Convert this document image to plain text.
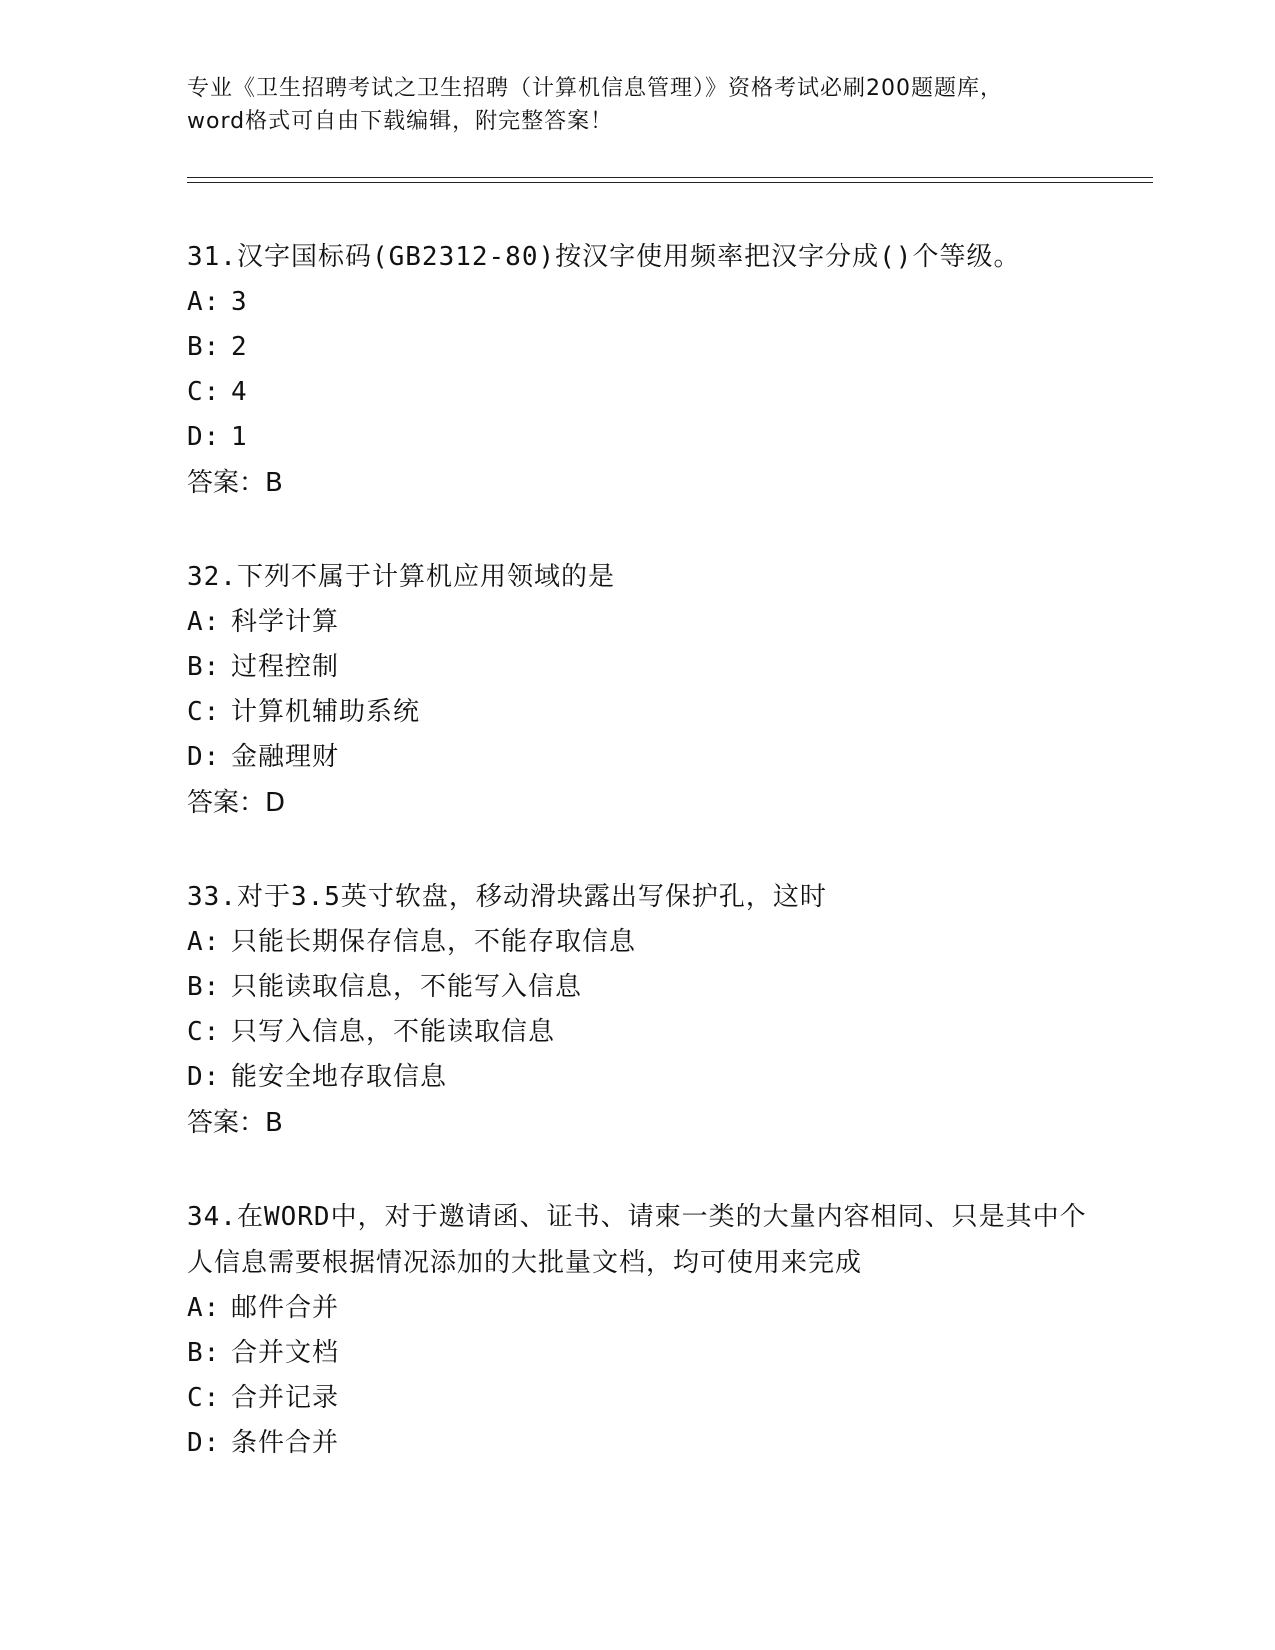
专业《卫生招聘考试之卫生招聘（计算机信息管理）》资格考试必刷200题题库，
word格式可自由下载编辑，附完整答案！
31.汉字国标码(GB2312-80)按汉字使用频率把汉字分成()个等级。
A: 3
B: 2
C: 4
D: 1
答案：B
32.下列不属于计算机应用领域的是
A: 科学计算
B: 过程控制
C: 计算机辅助系统
D: 金融理财
答案：D
33.对于3.5英寸软盘，移动滑块露出写保护孔，这时
A: 只能长期保存信息，不能存取信息
B: 只能读取信息，不能写入信息
C: 只写入信息，不能读取信息
D: 能安全地存取信息
答案：B
34.在WORD中，对于邀请函、证书、请柬一类的大量内容相同、只是其中个人信息需要根据情况添加的大批量文档，均可使用来完成
A: 邮件合并
B: 合并文档
C: 合并记录
D: 条件合并
